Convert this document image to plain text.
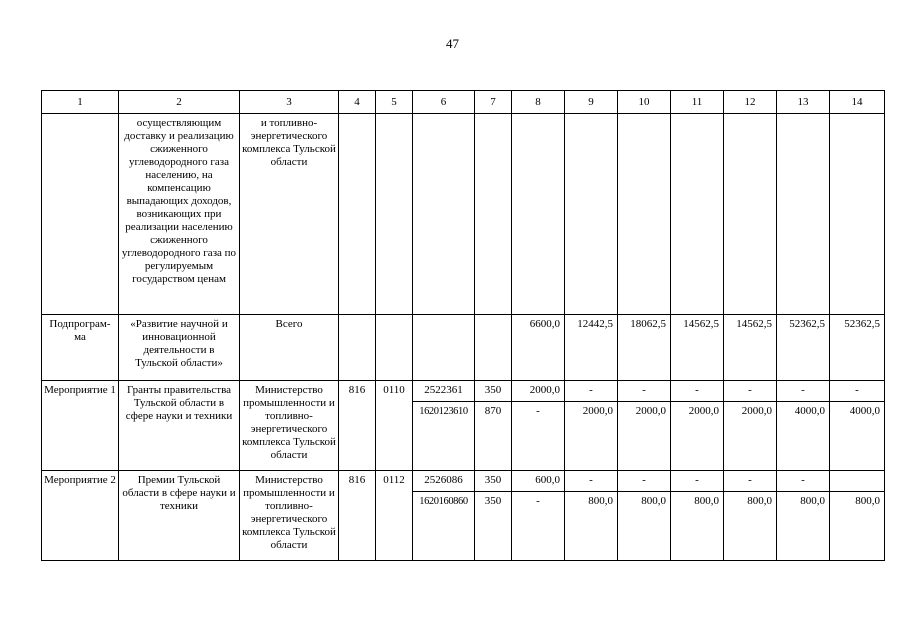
47
1	2	3	4	5	6	7	8	9	10	11	12	13	14
	осуществляющим доставку и реализацию сжиженного углеводородного газа населению, на компенсацию выпадающих доходов, возникающих при реализации населению сжиженного углеводородного газа по регулируемым государством ценам	и топливно-энергетического комплекса Тульской области											
Подпрограм-ма	«Развитие научной и инновационной деятельности в Тульской области»	Всего					6600,0	12442,5	18062,5	14562,5	14562,5	52362,5	52362,5
Мероприятие 1	Гранты правительства Тульской области в сфере науки и техники	Министерство промышленности и топливно-энергетического комплекса Тульской области	816	0110	2522361	350	2000,0	-	-	-	-	-	-
					1620123610	870	-	2000,0	2000,0	2000,0	2000,0	4000,0	4000,0
Мероприятие 2	Премии Тульской области в сфере науки и техники	Министерство промышленности и топливно-энергетического комплекса Тульской области	816	0112	2526086	350	600,0	-	-	-	-	-	
					1620160860	350	-	800,0	800,0	800,0	800,0	800,0	800,0
